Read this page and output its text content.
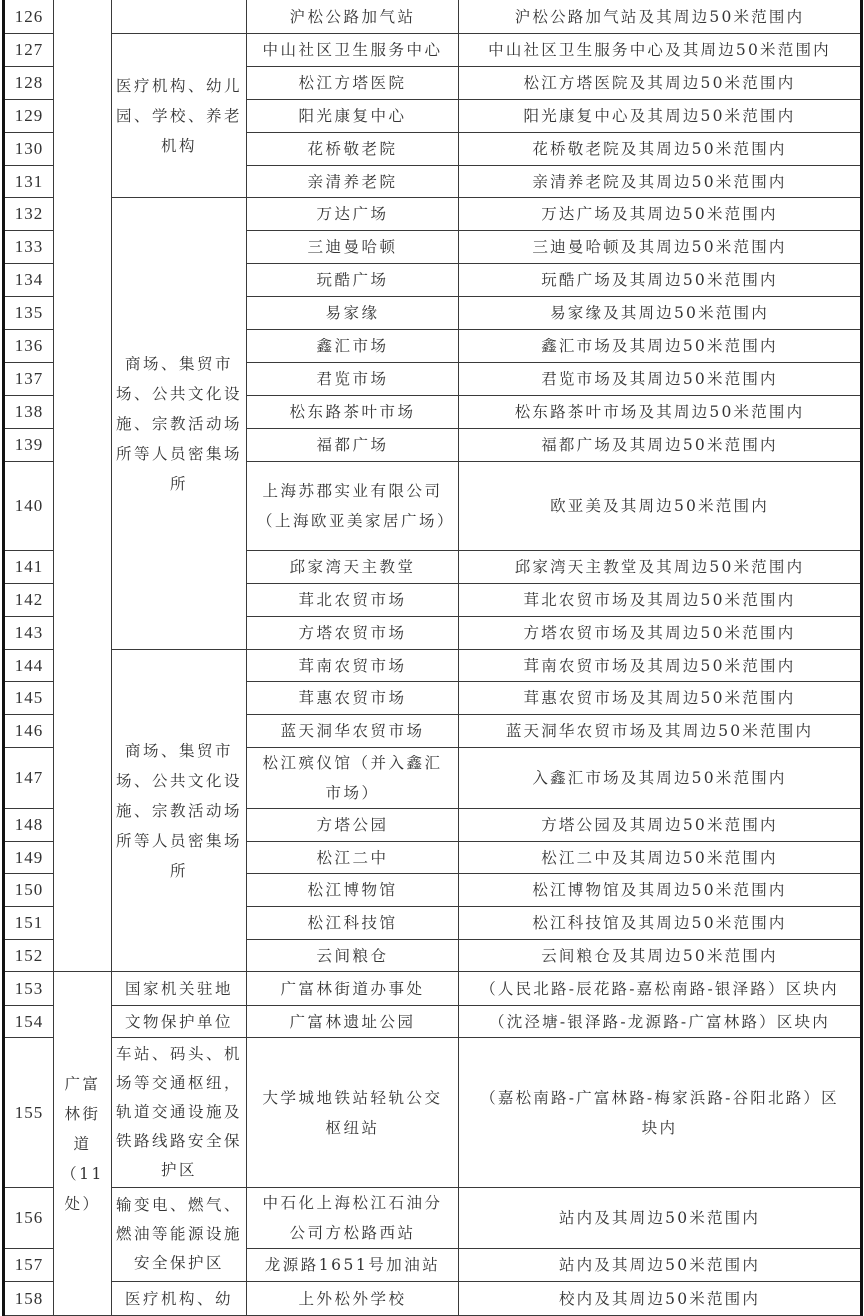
126			沪松公路加气站	沪松公路加气站及其周边50米范围内
127		医疗机构、幼儿园、学校、养老机构	中山社区卫生服务中心	中山社区卫生服务中心及其周边50米范围内
128			松江方塔医院	松江方塔医院及其周边50米范围内
129			阳光康复中心	阳光康复中心及其周边50米范围内
130			花桥敬老院	花桥敬老院及其周边50米范围内
131			亲清养老院	亲清养老院及其周边50米范围内
132		商场、集贸市场、公共文化设施、宗教活动场所等人员密集场所	万达广场	万达广场及其周边50米范围内
133			三迪曼哈顿	三迪曼哈顿及其周边50米范围内
134			玩酷广场	玩酷广场及其周边50米范围内
135			易家缘	易家缘及其周边50米范围内
136			鑫汇市场	鑫汇市场及其周边50米范围内
137			君览市场	君览市场及其周边50米范围内
138			松东路茶叶市场	松东路茶叶市场及其周边50米范围内
139			福都广场	福都广场及其周边50米范围内
140			上海苏郡实业有限公司（上海欧亚美家居广场）	欧亚美及其周边50米范围内
141			邱家湾天主教堂	邱家湾天主教堂及其周边50米范围内
142			茸北农贸市场	茸北农贸市场及其周边50米范围内
143			方塔农贸市场	方塔农贸市场及其周边50米范围内
144		商场、集贸市场、公共文化设施、宗教活动场所等人员密集场所	茸南农贸市场	茸南农贸市场及其周边50米范围内
145			茸惠农贸市场	茸惠农贸市场及其周边50米范围内
146			蓝天洞华农贸市场	蓝天洞华农贸市场及其周边50米范围内
147			松江殡仪馆（并入鑫汇市场）	入鑫汇市场及其周边50米范围内
148			方塔公园	方塔公园及其周边50米范围内
149			松江二中	松江二中及其周边50米范围内
150			松江博物馆	松江博物馆及其周边50米范围内
151			松江科技馆	松江科技馆及其周边50米范围内
152			云间粮仓	云间粮仓及其周边50米范围内
153	广富林街道（11处）	国家机关驻地	广富林街道办事处	（人民北路-辰花路-嘉松南路-银泽路）区块内
154		文物保护单位	广富林遗址公园	（沈泾塘-银泽路-龙源路-广富林路）区块内
155		车站、码头、机场等交通枢纽，轨道交通设施及铁路线路安全保护区	大学城地铁站轻轨公交枢纽站	（嘉松南路-广富林路-梅家浜路-谷阳北路）区块内
156		输变电、燃气、燃油等能源设施安全保护区	中石化上海松江石油分公司方松路西站	站内及其周边50米范围内
157			龙源路1651号加油站	站内及其周边50米范围内
158		医疗机构、幼	上外松外学校	校内及其周边50米范围内
